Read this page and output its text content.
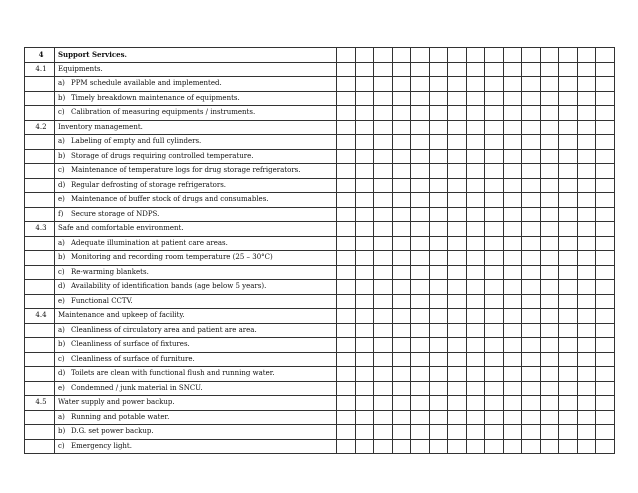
4	Support Services.															
4.1	Equipments.															
	a) PPM schedule available and implemented.															
	b) Timely breakdown maintenance of equipments.															
	c) Calibration of measuring equipments / instruments.															
4.2	Inventory management.															
	a) Labeling of empty and full cylinders.															
	b) Storage of drugs requiring controlled temperature.															
	c) Maintenance of temperature logs for drug storage refrigerators.															
	d) Regular defrosting of storage refrigerators.															
	e) Maintenance of buffer stock of drugs and consumables.															
	f) Secure storage of NDPS.															
4.3	Safe and comfortable environment.															
	a) Adequate illumination at patient care areas.															
	b) Monitoring and recording room temperature (25 – 30°C)															
	c) Re-warming blankets.															
	d) Availability of identification bands (age below 5 years).															
	e) Functional CCTV.															
4.4	Maintenance and upkeep of facility.															
	a) Cleanliness of circulatory area and patient are area.															
	b) Cleanliness of surface of fixtures.															
	c) Cleanliness of surface of furniture.															
	d) Toilets are clean with functional flush and running water.															
	e) Condemned / junk material in SNCU.															
4.5	Water supply and power backup.															
	a) Running and potable water.															
	b) D.G. set power backup.															
	c) Emergency light.															
